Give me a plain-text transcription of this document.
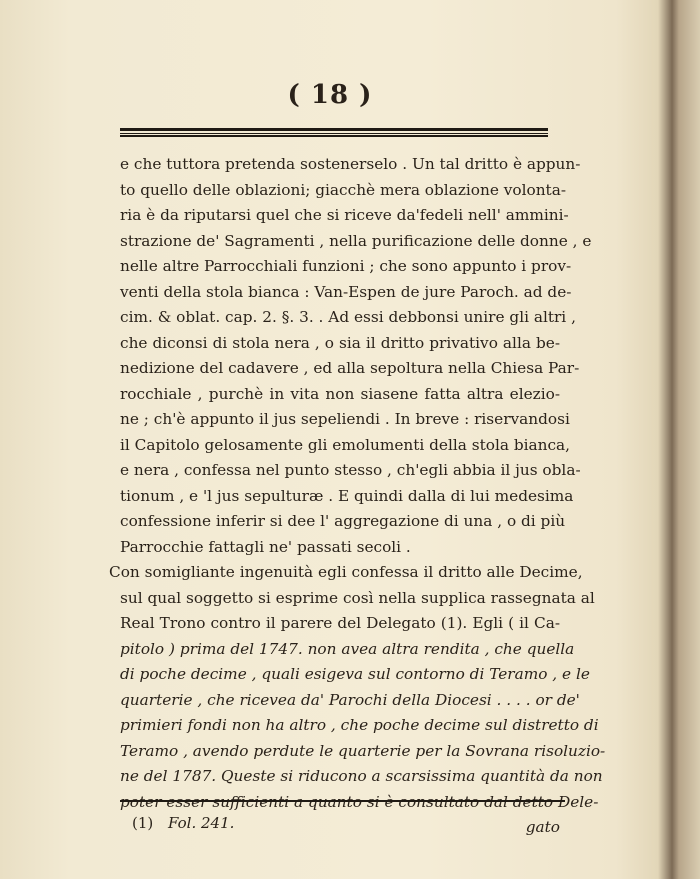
( 18 )
e che tuttora pretenda sostenerselo . Un tal dritto è appun-
to quello delle oblazioni; giacchè mera oblazione volonta-
ria è da riputarsi quel che si riceve da'fedeli nell' ammini-
strazione de' Sagramenti , nella purificazione delle donne , e
nelle altre Parrocchiali funzioni ; che sono appunto i prov-
venti della stola bianca : Van-Espen de jure Paroch. ad de-
cim. & oblat. cap. 2. §. 3. . Ad essi debbonsi unire gli altri ,
che diconsi di stola nera , o sia il dritto privativo alla be-
nedizione del cadavere , ed alla sepoltura nella Chiesa Par-
rocchiale , purchè in vita non siasene fatta altra elezio-
ne ; ch'è appunto il jus sepeliendi . In breve : riservandosi
il Capitolo gelosamente gli emolumenti della stola bianca,
e nera , confessa nel punto stesso , ch'egli abbia il jus obla-
tionum , e 'l jus sepulturæ . E quindi dalla di lui medesima
confessione inferir si dee l' aggregazione di una , o di più
Parrocchie fattagli ne' passati secoli .
Con somigliante ingenuità egli confessa il dritto alle Decime,
sul qual soggetto si esprime così nella supplica rassegnata al
Real Trono contro il parere del Delegato (1). Egli ( il Ca-
pitolo ) prima del 1747. non avea altra rendita , che quella
di poche decime , quali esigeva sul contorno di Teramo , e le
quarterie , che ricevea da' Parochi della Diocesi . . . . or de'
primieri fondi non ha altro , che poche decime sul distretto di
Teramo , avendo perdute le quarterie per la Sovrana risoluzio-
ne del 1787. Queste si riducono a scarsissima quantità da non
poter esser sufficienti a quanto si è consultato dal detto Dele-
gato
(1) Fol. 241.
